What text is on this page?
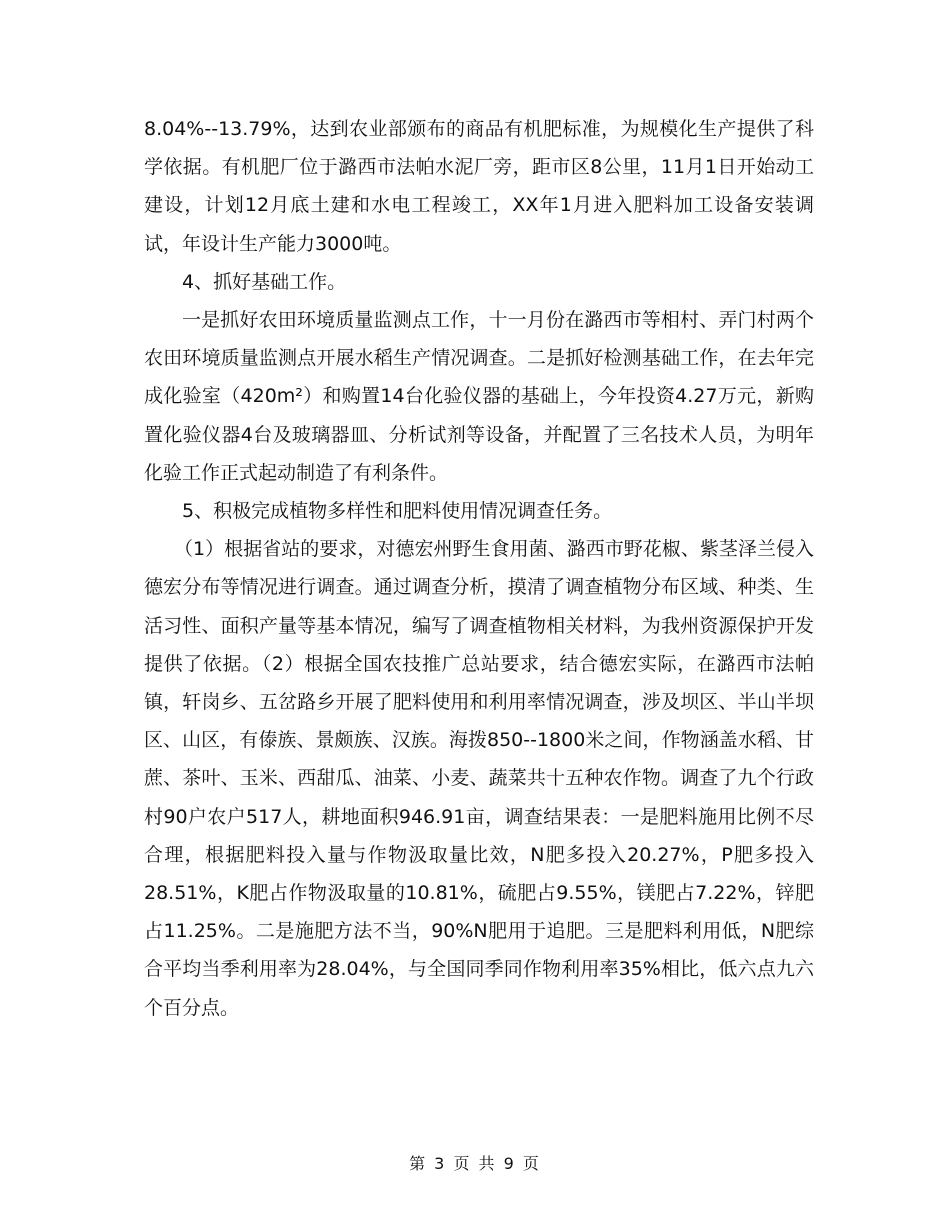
8.04%--13.79%，达到农业部颁布的商品有机肥标准，为规模化生产提供了科学依据。有机肥厂位于潞西市法帕水泥厂旁，距市区8公里，11月1日开始动工建设，计划12月底土建和水电工程竣工，XX年1月进入肥料加工设备安装调试，年设计生产能力3000吨。

4、抓好基础工作。

一是抓好农田环境质量监测点工作，十一月份在潞西市等相村、弄门村两个农田环境质量监测点开展水稻生产情况调查。二是抓好检测基础工作，在去年完成化验室（420m²）和购置14台化验仪器的基础上，今年投资4.27万元，新购置化验仪器4台及玻璃器皿、分析试剂等设备，并配置了三名技术人员，为明年化验工作正式起动制造了有利条件。

5、积极完成植物多样性和肥料使用情况调查任务。

（1）根据省站的要求，对德宏州野生食用菌、潞西市野花椒、紫茎泽兰侵入德宏分布等情况进行调查。通过调查分析，摸清了调查植物分布区域、种类、生活习性、面积产量等基本情况，编写了调查植物相关材料，为我州资源保护开发提供了依据。（2）根据全国农技推广总站要求，结合德宏实际，在潞西市法帕镇，轩岗乡、五岔路乡开展了肥料使用和利用率情况调查，涉及坝区、半山半坝区、山区，有傣族、景颇族、汉族。海拨850--1800米之间，作物涵盖水稻、甘蔗、茶叶、玉米、西甜瓜、油菜、小麦、蔬菜共十五种农作物。调查了九个行政村90户农户517人，耕地面积946.91亩，调查结果表：一是肥料施用比例不尽合理，根据肥料投入量与作物汲取量比效，N肥多投入20.27%，P肥多投入28.51%，K肥占作物汲取量的10.81%，硫肥占9.55%，镁肥占7.22%，锌肥占11.25%。二是施肥方法不当，90%N肥用于追肥。三是肥料利用低，N肥综合平均当季利用率为28.04%，与全国同季同作物利用率35%相比，低六点九六个百分点。

第 3 页 共 9 页
